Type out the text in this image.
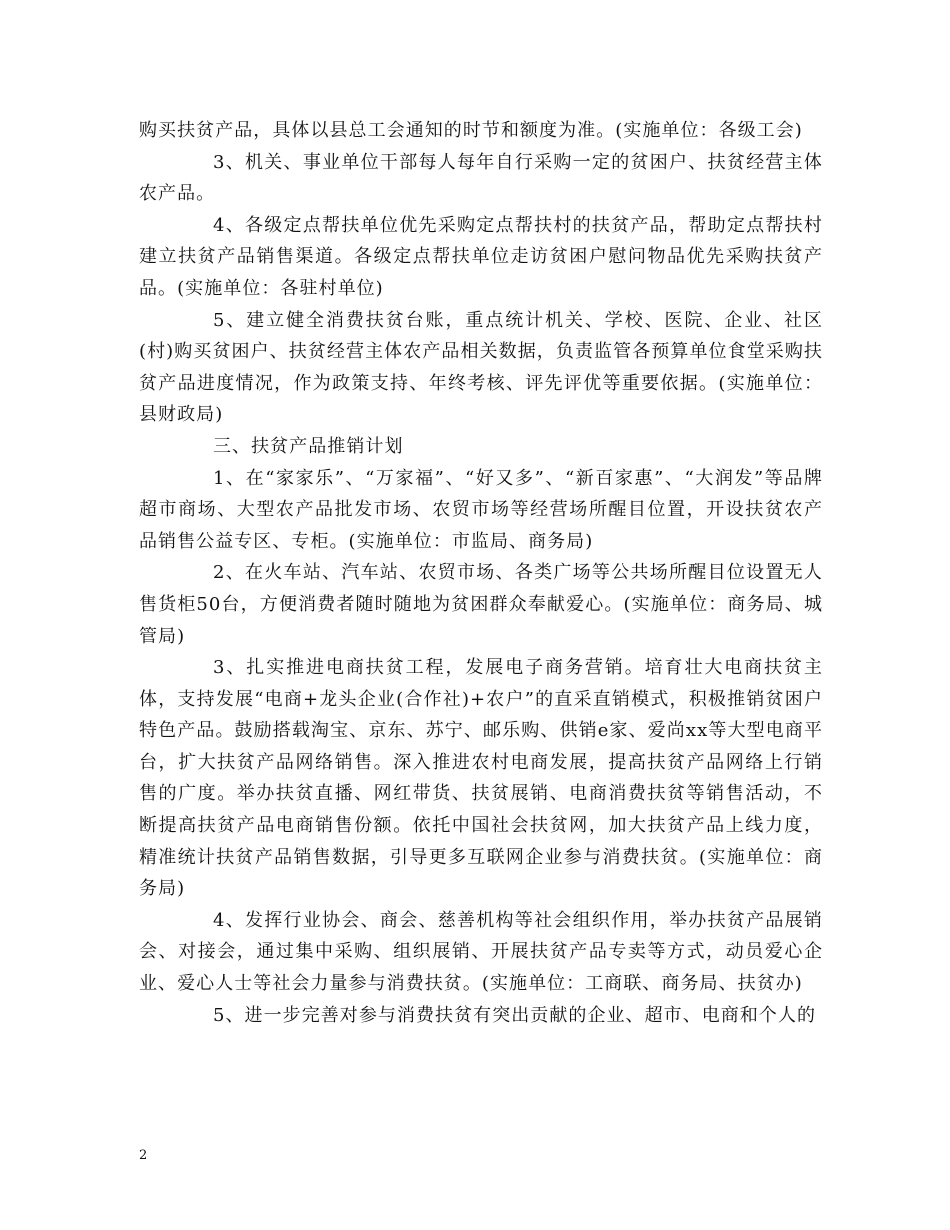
购买扶贫产品，具体以县总工会通知的时节和额度为准。(实施单位：各级工会)

3、机关、事业单位干部每人每年自行采购一定的贫困户、扶贫经营主体农产品。

4、各级定点帮扶单位优先采购定点帮扶村的扶贫产品，帮助定点帮扶村建立扶贫产品销售渠道。各级定点帮扶单位走访贫困户慰问物品优先采购扶贫产品。(实施单位：各驻村单位)

5、建立健全消费扶贫台账，重点统计机关、学校、医院、企业、社区(村)购买贫困户、扶贫经营主体农产品相关数据，负责监管各预算单位食堂采购扶贫产品进度情况，作为政策支持、年终考核、评先评优等重要依据。(实施单位：县财政局)

三、扶贫产品推销计划

1、在“家家乐”、“万家福”、“好又多”、“新百家惠”、“大润发”等品牌超市商场、大型农产品批发市场、农贸市场等经营场所醒目位置，开设扶贫农产品销售公益专区、专柜。(实施单位：市监局、商务局)

2、在火车站、汽车站、农贸市场、各类广场等公共场所醒目位设置无人售货柜50台，方便消费者随时随地为贫困群众奉献爱心。(实施单位：商务局、城管局)

3、扎实推进电商扶贫工程，发展电子商务营销。培育壮大电商扶贫主体，支持发展“电商+龙头企业(合作社)+农户”的直采直销模式，积极推销贫困户特色产品。鼓励搭载淘宝、京东、苏宁、邮乐购、供销e家、爱尚xx等大型电商平台，扩大扶贫产品网络销售。深入推进农村电商发展，提高扶贫产品网络上行销售的广度。举办扶贫直播、网红带货、扶贫展销、电商消费扶贫等销售活动，不断提高扶贫产品电商销售份额。依托中国社会扶贫网，加大扶贫产品上线力度，精准统计扶贫产品销售数据，引导更多互联网企业参与消费扶贫。(实施单位：商务局)

4、发挥行业协会、商会、慈善机构等社会组织作用，举办扶贫产品展销会、对接会，通过集中采购、组织展销、开展扶贫产品专卖等方式，动员爱心企业、爱心人士等社会力量参与消费扶贫。(实施单位：工商联、商务局、扶贫办)

5、进一步完善对参与消费扶贫有突出贡献的企业、超市、电商和个人的

2
